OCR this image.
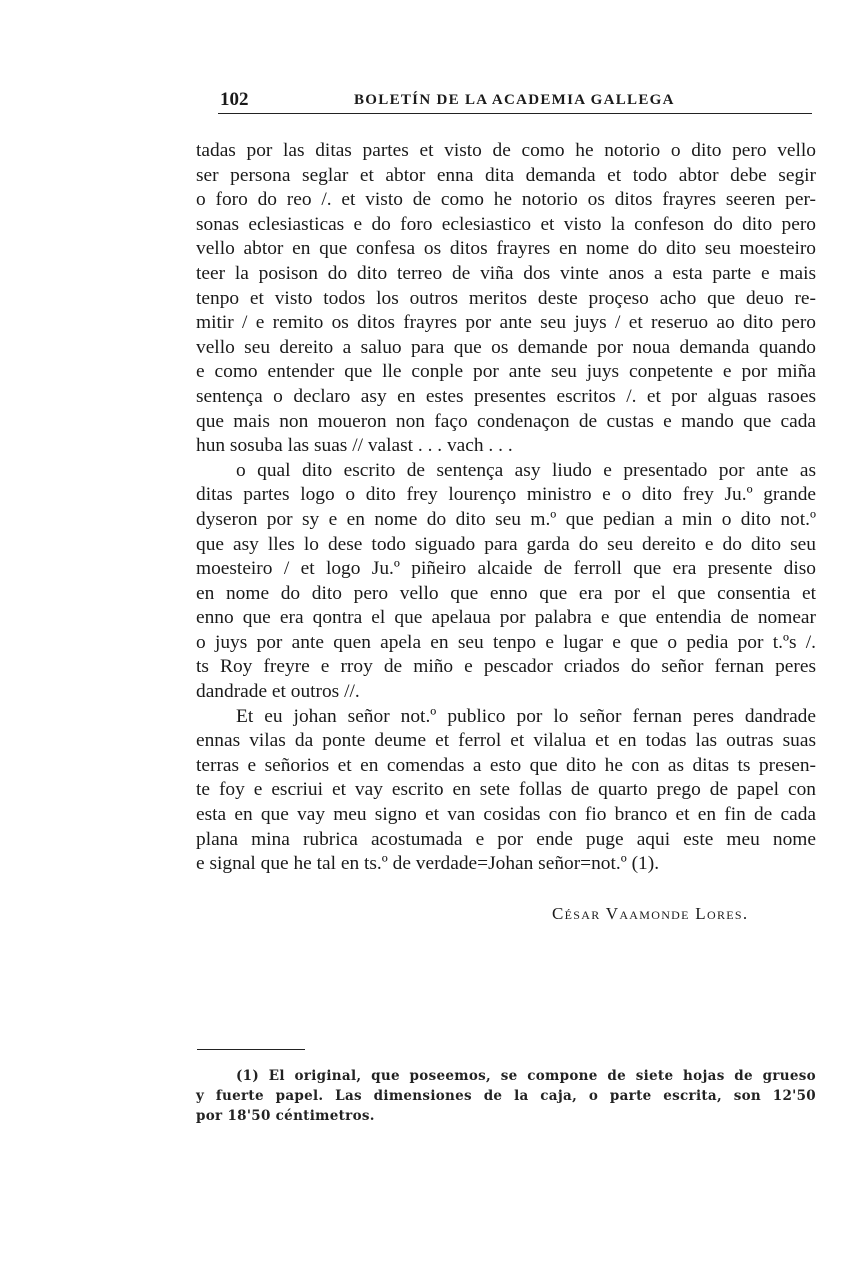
102	BOLETÍN DE LA ACADEMIA GALLEGA
tadas por las ditas partes et visto de como he notorio o dito pero vello
ser persona seglar et abtor enna dita demanda et todo abtor debe segir
o foro do reo /. et visto de como he notorio os ditos frayres seeren per-
sonas eclesiasticas e do foro eclesiastico et visto la confeson do dito pero
vello abtor en que confesa os ditos frayres en nome do dito seu moesteiro
teer la posison do dito terreo de viña dos vinte anos a esta parte e mais
tenpo et visto todos los outros meritos deste proçeso acho que deuo re-
mitir / e remito os ditos frayres por ante seu juys / et reseruo ao dito pero
vello seu dereito a saluo para que os demande por noua demanda quando
e como entender que lle conple por ante seu juys conpetente e por miña
sentença o declaro asy en estes presentes escritos /. et por alguas rasoes
que mais non moueron non faço condenaçon de custas e mando que cada
hun sosuba las suas // valast . . . vach . . .
o qual dito escrito de sentença asy liudo e presentado por ante as
ditas partes logo o dito frey lourenço ministro e o dito frey Ju.º grande
dyseron por sy e en nome do dito seu m.º que pedian a min o dito not.º
que asy lles lo dese todo siguado para garda do seu dereito e do dito seu
moesteiro / et logo Ju.º piñeiro alcaide de ferroll que era presente diso
en nome do dito pero vello que enno que era por el que consentia et
enno que era qontra el que apelaua por palabra e que entendia de nomear
o juys por ante quen apela en seu tenpo e lugar e que o pedia por t.ºs /.
ts Roy freyre e rroy de miño e pescador criados do señor fernan peres
dandrade et outros //.
Et eu johan señor not.º publico por lo señor fernan peres dandrade
ennas vilas da ponte deume et ferrol et vilalua et en todas las outras suas
terras e señorios et en comendas a esto que dito he con as ditas ts presen-
te foy e escriui et vay escrito en sete follas de quarto prego de papel con
esta en que vay meu signo et van cosidas con fio branco et en fin de cada
plana mina rubrica acostumada e por ende puge aqui este meu nome
e signal que he tal en ts.º de verdade=Johan señor=not.º (1).
César Vaamonde Lores.
(1) El original, que poseemos, se compone de siete hojas de grueso
y fuerte papel. Las dimensiones de la caja, o parte escrita, son 12'50
por 18'50 céntimetros.
